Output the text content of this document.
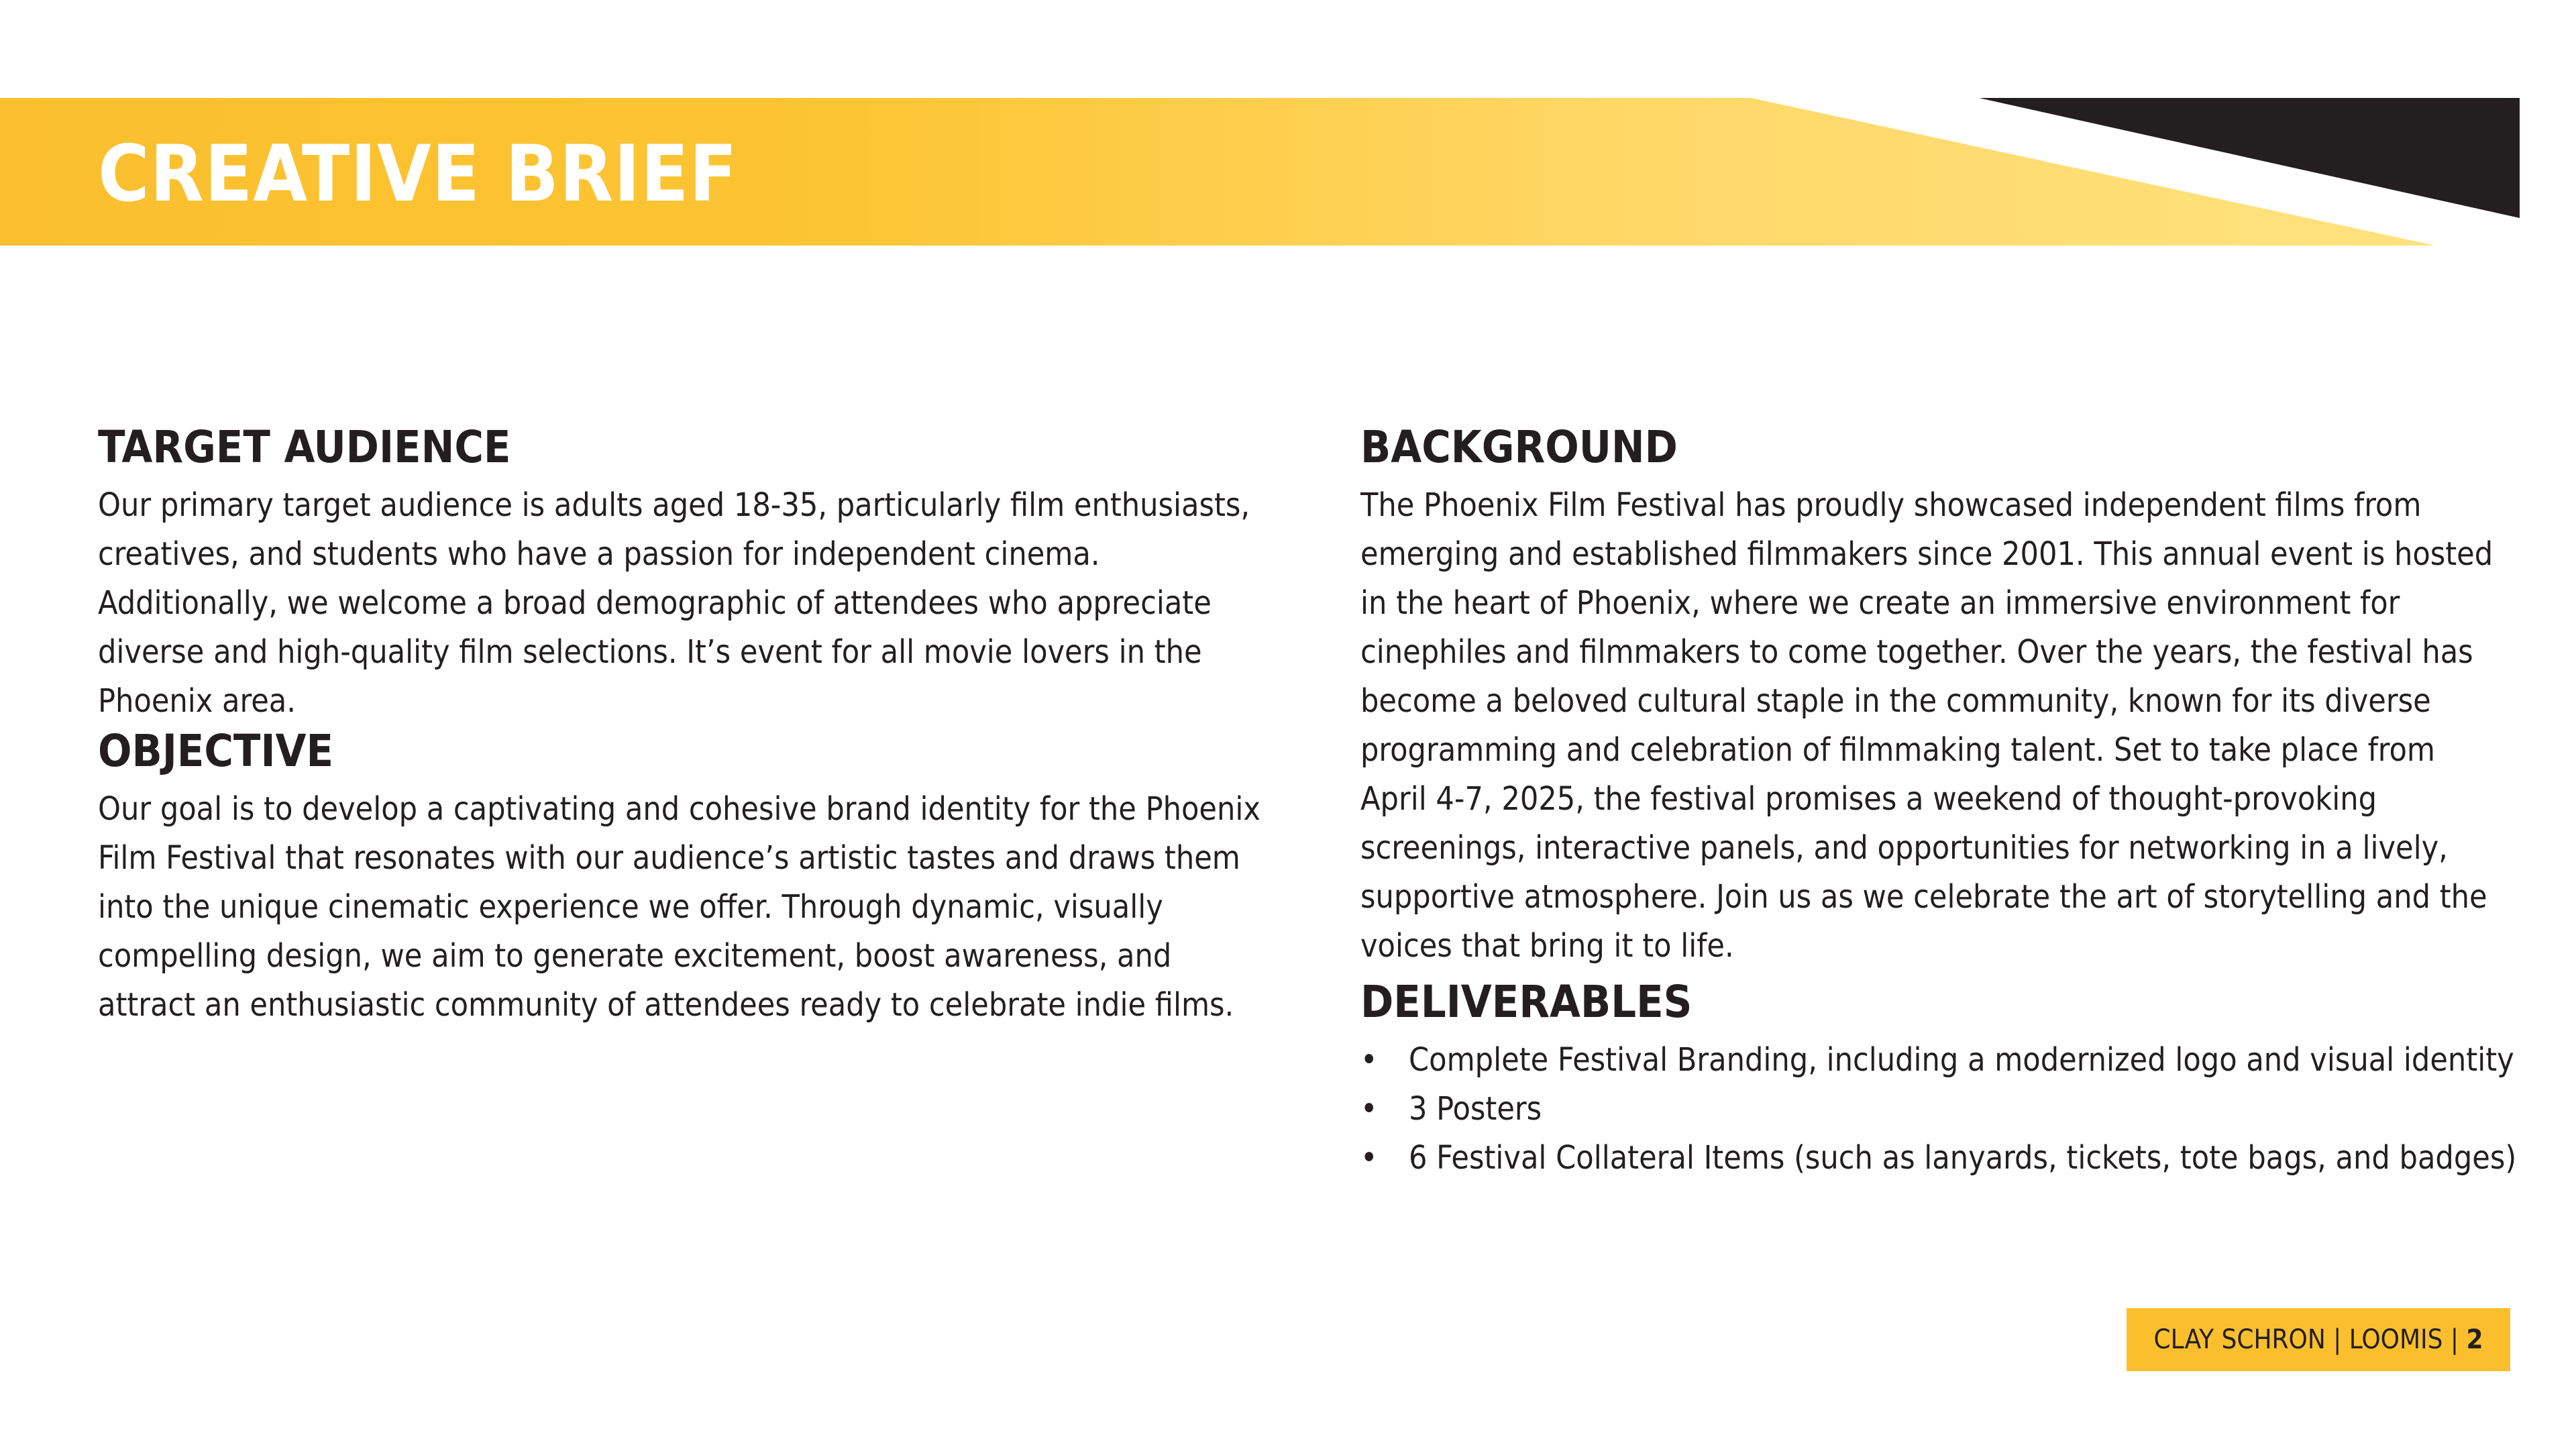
CREATIVE BRIEF
TARGET AUDIENCE

Our primary target audience is adults aged 18-35, particularly film enthusiasts, creatives, and students who have a passion for independent cinema. Additionally, we welcome a broad demographic of attendees who appreciate diverse and high-quality film selections. It’s event for all movie lovers in the Phoenix area.

OBJECTIVE

Our goal is to develop a captivating and cohesive brand identity for the Phoenix Film Festival that resonates with our audience’s artistic tastes and draws them into the unique cinematic experience we offer. Through dynamic, visually compelling design, we aim to generate excitement, boost awareness, and attract an enthusiastic community of attendees ready to celebrate indie films.

BACKGROUND

The Phoenix Film Festival has proudly showcased independent films from emerging and established filmmakers since 2001. This annual event is hosted in the heart of Phoenix, where we create an immersive environment for cinephiles and filmmakers to come together. Over the years, the festival has become a beloved cultural staple in the community, known for its diverse programming and celebration of filmmaking talent. Set to take place from April 4-7, 2025, the festival promises a weekend of thought-provoking screenings, interactive panels, and opportunities for networking in a lively, supportive atmosphere. Join us as we celebrate the art of storytelling and the voices that bring it to life.

DELIVERABLES
• Complete Festival Branding, including a modernized logo and visual identity
• 3 Posters
• 6 Festival Collateral Items (such as lanyards, tickets, tote bags, and badges)
CLAY SCHRON | LOOMIS | 2
